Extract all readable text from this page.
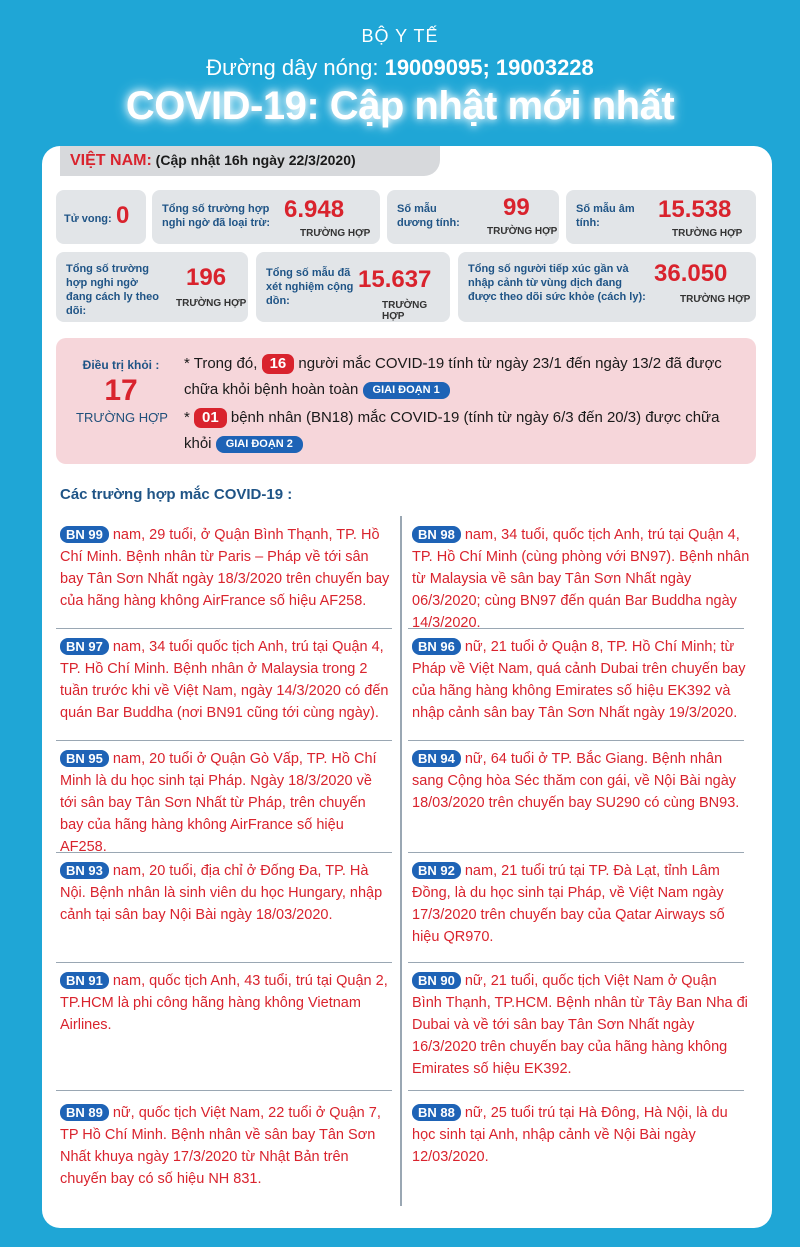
BỘ Y TẾ
Đường dây nóng: 19009095; 19003228
COVID-19: Cập nhật mới nhất
VIỆT NAM: (Cập nhật 16h ngày 22/3/2020)
Tử vong: 0	Tổng số trường hợp nghi ngờ đã loại trừ: 6.948
TRƯỜNG HỢP
Số mẫu dương tính:
99
TRƯỜNG HỢP
Số mẫu âm tính:	15.538
TRƯỜNG HỢP
Tổng số trường hợp nghi ngờ đang cách ly theo dõi:
196
TRƯỜNG HỢP
Tổng số mẫu đã xét nghiệm cộng dồn:
15.637
TRƯỜNG HỢP
Tổng số người tiếp xúc gần và nhập cảnh từ vùng dịch đang được theo dõi sức khỏe (cách ly):
36.050
TRƯỜNG HỢP
Điều trị khỏi :
17
TRƯỜNG HỢP
* Trong đó, 16 người mắc COVID-19 tính từ ngày 23/1 đến ngày 13/2 đã được
chữa khỏi bệnh hoàn toàn GIAI ĐOẠN 1
* 01 bệnh nhân (BN18) mắc COVID-19 (tính từ ngày 6/3 đến 20/3) được chữa
khỏi GIAI ĐOẠN 2
Các trường hợp mắc COVID-19 :
BN 99 nam, 29 tuổi, ở Quận Bình Thạnh, TP. Hồ Chí Minh. Bệnh nhân từ Paris – Pháp về tới sân bay Tân Sơn Nhất ngày 18/3/2020 trên chuyến bay của hãng hàng không AirFrance số hiệu AF258.
BN 98 nam, 34 tuổi, quốc tịch Anh, trú tại Quận 4, TP. Hồ Chí Minh (cùng phòng với BN97). Bệnh nhân từ Malaysia về sân bay Tân Sơn Nhất ngày 06/3/2020; cùng BN97 đến quán Bar Buddha ngày 14/3/2020.
BN 97 nam, 34 tuổi quốc tịch Anh, trú tại Quận 4, TP. Hồ Chí Minh. Bệnh nhân ở Malaysia trong 2 tuần trước khi về Việt Nam, ngày 14/3/2020 có đến quán Bar Buddha (nơi BN91 cũng tới cùng ngày).
BN 96 nữ, 21 tuổi ở Quận 8, TP. Hồ Chí Minh; từ Pháp về Việt Nam, quá cảnh Dubai trên chuyến bay của hãng hàng không Emirates số hiệu EK392 và nhập cảnh sân bay Tân Sơn Nhất ngày 19/3/2020.
BN 95 nam, 20 tuổi ở Quận Gò Vấp, TP. Hồ Chí Minh là du học sinh tại Pháp. Ngày 18/3/2020 về tới sân bay Tân Sơn Nhất từ Pháp, trên chuyến bay của hãng hàng không AirFrance số hiệu AF258.
BN 94 nữ, 64 tuổi ở TP. Bắc Giang. Bệnh nhân sang Cộng hòa Séc thăm con gái, về Nội Bài ngày 18/03/2020 trên chuyến bay SU290 có cùng BN93.
BN 93 nam, 20 tuổi, địa chỉ ở Đống Đa, TP. Hà Nội. Bệnh nhân là sinh viên du học Hungary, nhập cảnh tại sân bay Nội Bài ngày 18/03/2020.
BN 92 nam, 21 tuổi trú tại TP. Đà Lạt, tỉnh Lâm Đồng, là du học sinh tại Pháp, về Việt Nam ngày 17/3/2020 trên chuyến bay của Qatar Airways số hiệu QR970.
BN 91 nam, quốc tịch Anh, 43 tuổi, trú tại Quận 2, TP.HCM là phi công hãng hàng không Vietnam Airlines.
BN 90 nữ, 21 tuổi, quốc tịch Việt Nam ở Quận Bình Thạnh, TP.HCM. Bệnh nhân từ Tây Ban Nha đi Dubai và về tới sân bay Tân Sơn Nhất ngày 16/3/2020 trên chuyến bay của hãng hàng không Emirates số hiệu EK392.
BN 89 nữ, quốc tịch Việt Nam, 22 tuổi ở Quận 7, TP Hồ Chí Minh. Bệnh nhân về sân bay Tân Sơn Nhất khuya ngày 17/3/2020 từ Nhật Bản trên chuyến bay có số hiệu NH 831.
BN 88 nữ, 25 tuổi trú tại Hà Đông, Hà Nội, là du học sinh tại Anh, nhập cảnh về Nội Bài ngày 12/03/2020.
